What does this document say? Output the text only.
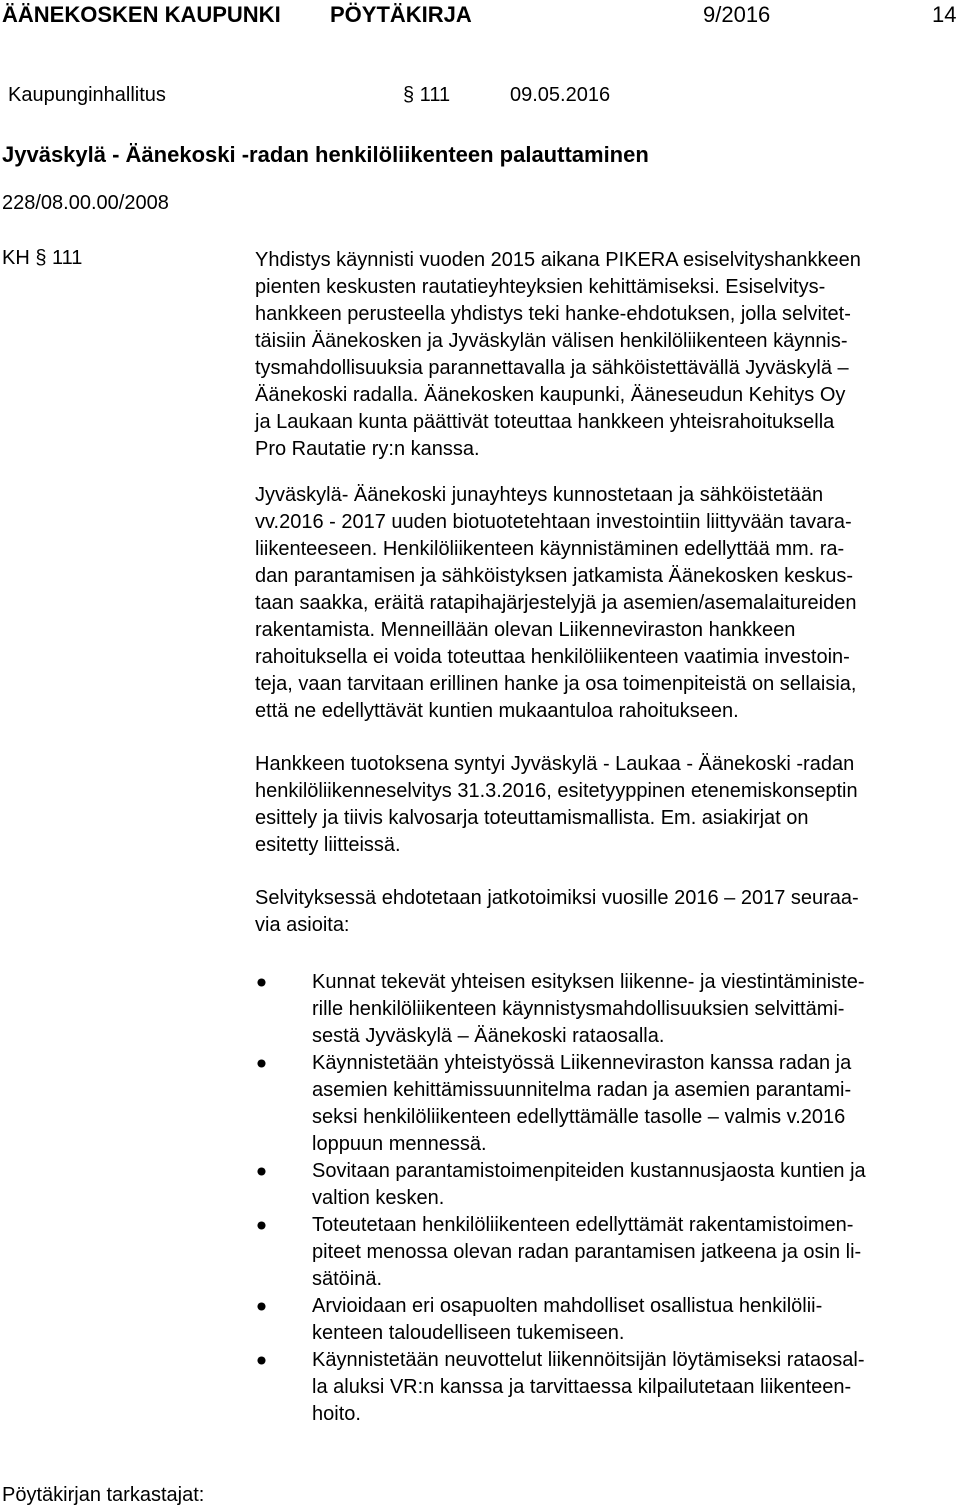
ÄÄNEKOSKEN KAUPUNKI PÖYTÄKIRJA	9/2016	14
Kaupunginhallitus	§ 111	09.05.2016
Jyväskylä - Äänekoski -radan henkilöliikenteen palauttaminen
228/08.00.00/2008
KH § 111	Yhdistys käynnisti vuoden 2015 aikana PIKERA esiselvityshankkeen
pienten keskusten rautatieyhteyksien kehittämiseksi. Esiselvitys-
hankkeen perusteella yhdistys teki hanke-ehdotuksen, jolla selvitet-
täisiin Äänekosken ja Jyväskylän välisen henkilöliikenteen käynnis-
tysmahdollisuuksia parannettavalla ja sähköistettävällä Jyväskylä –
Äänekoski radalla. Äänekosken kaupunki, Ääneseudun Kehitys Oy
ja Laukaan kunta päättivät toteuttaa hankkeen yhteisrahoituksella
Pro Rautatie ry:n kanssa.

Jyväskylä- Äänekoski junayhteys kunnostetaan ja sähköistetään
vv.2016 - 2017 uuden biotuotetehtaan investointiin liittyvään tavara-
liikenteeseen. Henkilöliikenteen käynnistäminen edellyttää mm. ra-
dan parantamisen ja sähköistyksen jatkamista Äänekosken keskus-
taan saakka, eräitä ratapihajärjestelyjä ja asemien/asemalaitureiden
rakentamista. Menneillään olevan Liikenneviraston hankkeen
rahoituksella ei voida toteuttaa henkilöliikenteen vaatimia investoin-
teja, vaan tarvitaan erillinen hanke ja osa toimenpiteistä on sellaisia,
että ne edellyttävät kuntien mukaantuloa rahoitukseen.

Hankkeen tuotoksena syntyi Jyväskylä - Laukaa - Äänekoski -radan
henkilöliikenneselvitys 31.3.2016, esitetyyppinen etenemiskonseptin
esittely ja tiivis kalvosarja toteuttamismallista. Em. asiakirjat on
esitetty liitteissä.

Selvityksessä ehdotetaan jatkotoimiksi vuosille 2016 – 2017 seuraa-
via asioita:

Kunnat tekevät yhteisen esityksen liikenne- ja viestintäministe-
rille henkilöliikenteen käynnistysmahdollisuuksien selvittämi-
sestä Jyväskylä – Äänekoski rataosalla.
Käynnistetään yhteistyössä Liikenneviraston kanssa radan ja
asemien kehittämissuunnitelma radan ja asemien parantami-
seksi henkilöliikenteen edellyttämälle tasolle – valmis v.2016
loppuun mennessä.
Sovitaan parantamistoimenpiteiden kustannusjaosta kuntien ja
valtion kesken.
Toteutetaan henkilöliikenteen edellyttämät rakentamistoimen-
piteet menossa olevan radan parantamisen jatkeena ja osin li-
sätöinä.
Arvioidaan eri osapuolten mahdolliset osallistua henkilölii-
kenteen taloudelliseen tukemiseen.
Käynnistetään neuvottelut liikennöitsijän löytämiseksi rataosal-
la aluksi VR:n kanssa ja tarvittaessa kilpailutetaan liikenteen-
hoito.
Pöytäkirjan tarkastajat:
